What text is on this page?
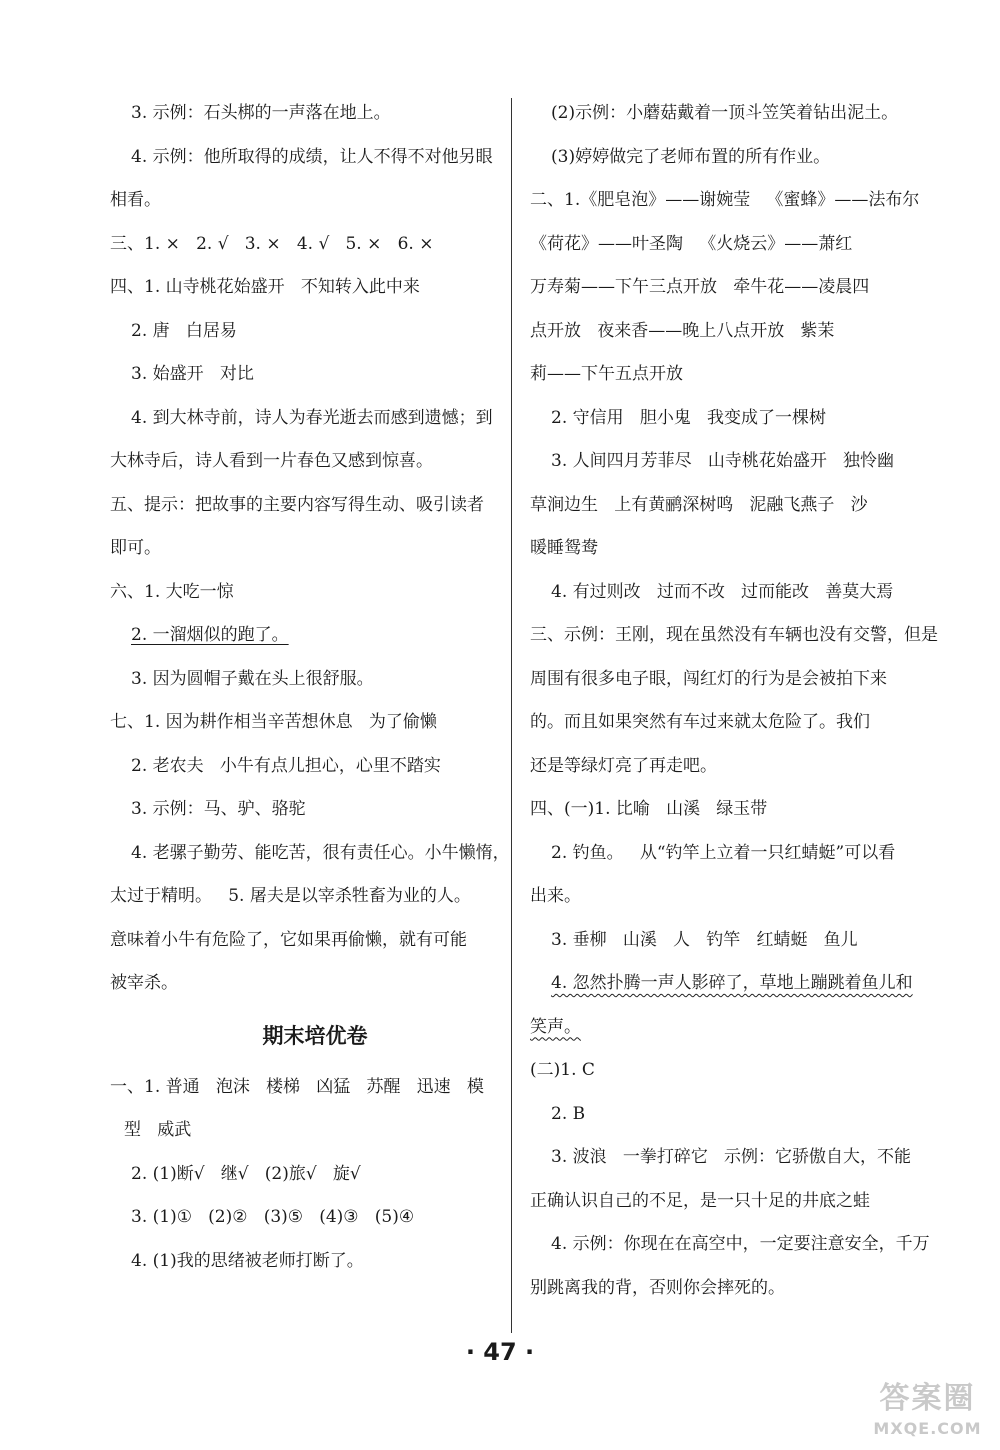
3. 示例：石头梆的一声落在地上。
4. 示例：他所取得的成绩，让人不得不对他另眼
相看。
三、1. ×   2. √   3. ×   4. √   5. ×   6. ×
四、1. 山寺桃花始盛开   不知转入此中来
2. 唐   白居易
3. 始盛开   对比
4. 到大林寺前，诗人为春光逝去而感到遗憾；到
大林寺后，诗人看到一片春色又感到惊喜。
五、提示：把故事的主要内容写得生动、吸引读者
即可。
六、1. 大吃一惊
2. 一溜烟似的跑了。
3. 因为圆帽子戴在头上很舒服。
七、1. 因为耕作相当辛苦想休息   为了偷懒
2. 老农夫   小牛有点儿担心，心里不踏实
3. 示例：马、驴、骆驼
4. 老骡子勤劳、能吃苦，很有责任心。小牛懒惰，
太过于精明。   5. 屠夫是以宰杀牲畜为业的人。
意味着小牛有危险了，它如果再偷懒，就有可能
被宰杀。
期末培优卷
一、1. 普通   泡沫   楼梯   凶猛   苏醒   迅速   模
型   威武
2. (1)断√   继√   (2)旅√   旋√
3. (1)①   (2)②   (3)⑤   (4)③   (5)④
4. (1)我的思绪被老师打断了。
(2)示例：小蘑菇戴着一顶斗笠笑着钻出泥土。
(3)婷婷做完了老师布置的所有作业。
二、1.《肥皂泡》——谢婉莹   《蜜蜂》——法布尔
《荷花》——叶圣陶   《火烧云》——萧红
万寿菊——下午三点开放   牵牛花——凌晨四
点开放   夜来香——晚上八点开放   紫茉
莉——下午五点开放
2. 守信用   胆小鬼   我变成了一棵树
3. 人间四月芳菲尽   山寺桃花始盛开   独怜幽
草涧边生   上有黄鹂深树鸣   泥融飞燕子   沙
暖睡鸳鸯
4. 有过则改   过而不改   过而能改   善莫大焉
三、示例：王刚，现在虽然没有车辆也没有交警，但是
周围有很多电子眼，闯红灯的行为是会被拍下来
的。而且如果突然有车过来就太危险了。我们
还是等绿灯亮了再走吧。
四、(一)1. 比喻   山溪   绿玉带
2. 钓鱼。   从“钓竿上立着一只红蜻蜓”可以看
出来。
3. 垂柳   山溪   人   钓竿   红蜻蜓   鱼儿
4. 忽然扑腾一声人影碎了，草地上蹦跳着鱼儿和
笑声。
(二)1. C
2. B
3. 波浪   一拳打碎它   示例：它骄傲自大，不能
正确认识自己的不足，是一只十足的井底之蛙
4. 示例：你现在在高空中，一定要注意安全，千万
别跳离我的背，否则你会摔死的。
· 47 ·
答案圈
MXQE.COM
